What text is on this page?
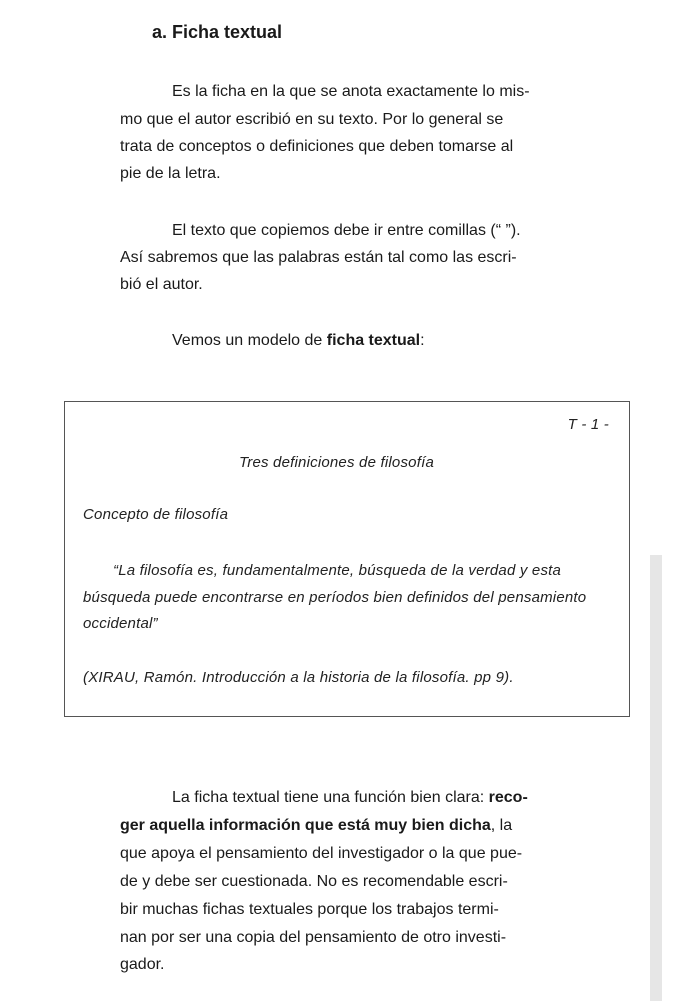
a. Ficha textual
Es la ficha en la que se anota exactamente lo mis-
mo que el autor escribió en su texto. Por lo general se
trata de conceptos o definiciones que deben tomarse al
pie de la letra.
El texto que copiemos debe ir entre comillas (“ ”).
Así sabremos que las palabras están tal como las escri-
bió el autor.
Vemos un modelo de ficha textual:
T - 1 -
Tres definiciones de filosofía
Concepto de filosofía
“La filosofía es, fundamentalmente, búsqueda de la verdad y esta
búsqueda puede encontrarse en períodos bien definidos del pensamiento
occidental”
(XIRAU, Ramón. Introducción a la historia de la filosofía. pp 9).
La ficha textual tiene una función bien clara: reco-
ger aquella información que está muy bien dicha, la
que apoya el pensamiento del investigador o la que pue-
de y debe ser cuestionada. No es recomendable escri-
bir muchas fichas textuales porque los trabajos termi-
nan por ser una copia del pensamiento de otro investi-
gador.
